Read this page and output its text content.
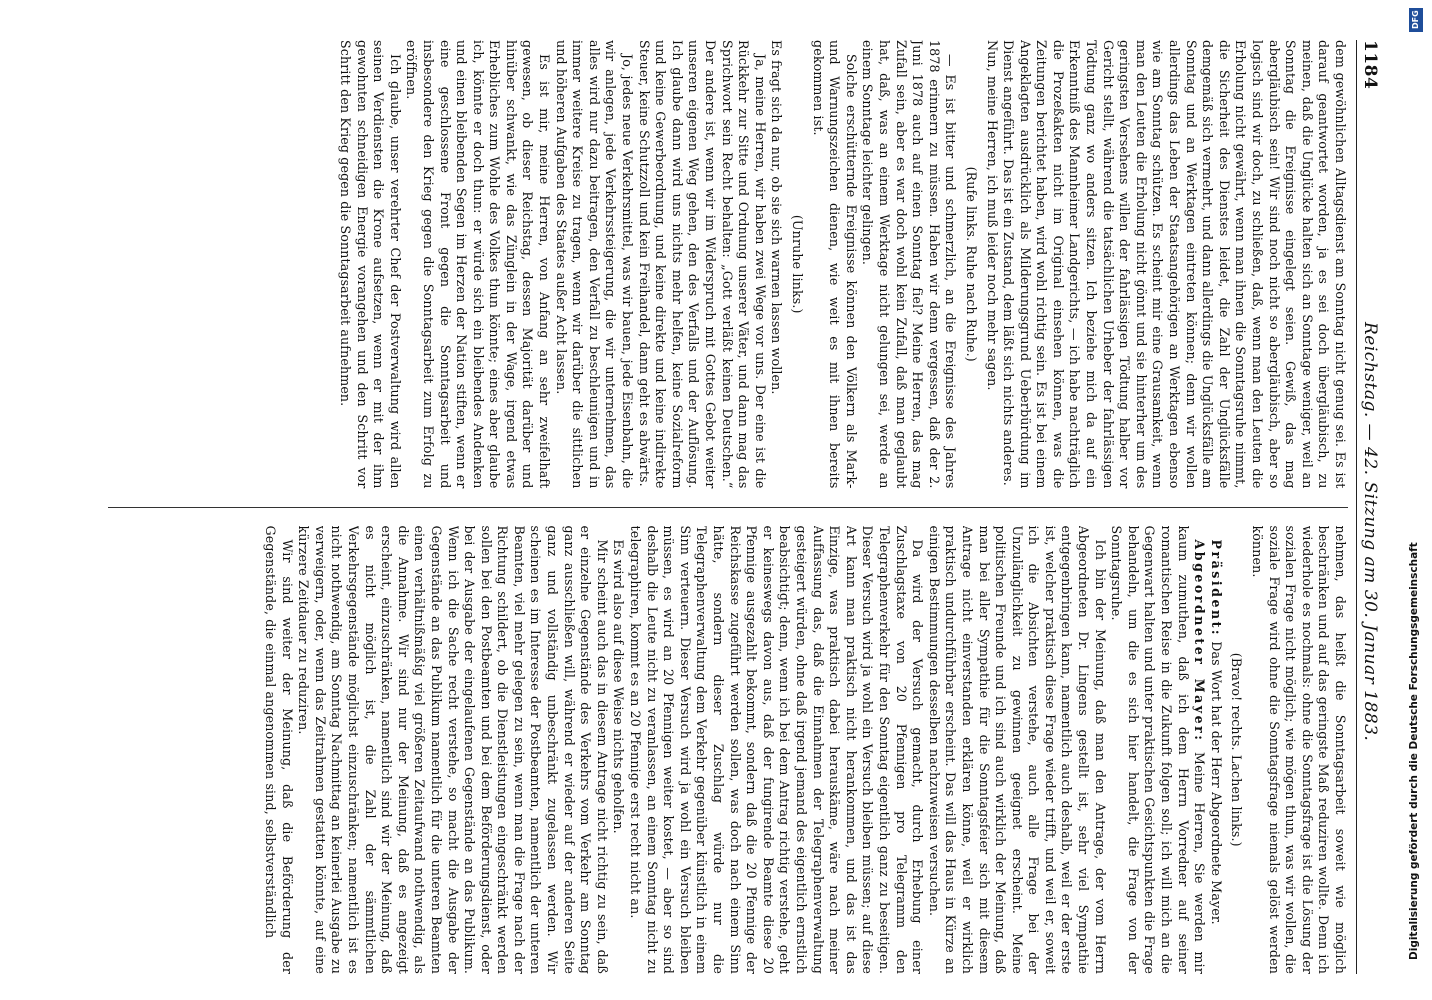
1184
Reichstag. — 42. Sitzung am 30. Januar 1883.

dem gewöhnlichen Alltagsdienst am Sonntag nicht genug sei. Es ist darauf geantwortet worden, ja es sei doch übergläubisch, zu meinen, daß die Unglücke halten sich an Sonntage weniger, weil an Sonntag die Ereignisse eingelegt seien. Gewiß, das mag abergläubisch sein! Wir sind noch nicht so abergläubisch, aber so logisch sind wir doch, zu schließen, daß, wenn man den Leuten die Erholung nicht gewährt, wenn man ihnen die Sonntagsruhe nimmt, die Sicherheit des Dienstes leidet, die Zahl der Unglücksfälle demgemäß sich vermehrt, und dann allerdings die Unglücksfälle am Sonntag und an Werktagen eintreten können; denn wir wollen allerdings das Leben der Staatsangehörigen an Werktagen ebenso wie am Sonntag schützen. Es scheint mir eine Grausamkeit, wenn man den Leuten die Erholung nicht gönnt und sie hinterher um des geringsten Versehens willen der fahrlässigen Tödtung halber vor Gericht stellt, während die tatsächlichen Urheber der fahrlässigen Tödtung ganz wo anders sitzen. Ich beziehe mich da auf ein Erkenntniß des Mannheimer Landgerichts, — ich habe nachträglich die Prozeßakten nicht im Original einsehen können, was die Zeitungen berichtet haben, wird wohl richtig sein. Es ist bei einem Angeklagten ausdrücklich als Milderungsgrund Ueberbürdung im Dienst angeführt. Das ist ein Zustand, dem läßt sich nichts anderes.

Nun, meine Herren, ich muß leider noch mehr sagen.

(Rufe links. Ruhe nach Ruhe.)

— Es ist bitter und schmerzlich, an die Ereignisse des Jahres 1878 erinnern zu müssen. Haben wir denn vergessen, daß der 2. Juni 1878 auch auf einen Sonntag fiel? Meine Herren, das mag Zufall sein, aber es war doch wohl kein Zufall, daß man geglaubt hat, daß, was an einem Werktage nicht gelungen sei, werde an einem Sonntage leichter gelingen.

Solche erschütternde Ereignisse können den Völkern als Mark- und Warnungszeichen dienen, wie weit es mit ihnen bereits gekommen ist.

(Unruhe links.)

Es fragt sich da nur, ob sie sich warnen lassen wollen.

Ja, meine Herren, wir haben zwei Wege vor uns. Der eine ist die Rückkehr zur Sitte und Ordnung unserer Väter, und dann mag das Sprichwort sein Recht behalten: „Gott verläßt keinen Deutschen.“ Der andere ist, wenn wir im Widerspruch mit Gottes Gebot weiter unseren eigenen Weg gehen, den des Verfalls und der Auflösung. Ich glaube dann wird uns nichts mehr helfen, keine Sozialreform und keine Gewerbeordnung, und keine direkte und keine indirekte Steuer, keine Schutzzoll und kein Freihandel, dann geht es abwärts.

Jo, jedes neue Verkehrsmittel, was wir bauen, jede Eisenbahn, die wir anlegen, jede Verkehrssteigerung, die wir unternehmen, das alles wird nur dazu beitragen, den Verfall zu beschleunigen und in immer weitere Kreise zu tragen, wenn wir darüber die sittlichen und höheren Aufgaben des Staates außer Acht lassen.

Es ist mir, meine Herren, von Anfang an sehr zweifelhaft gewesen, ob dieser Reichstag, dessen Majorität darüber und hinüber schwankt, wie das Zünglein in der Wage, irgend etwas Erhebliches zum Wohle des Volkes thun könnte; eines aber glaube ich, könnte er doch thun: er würde sich ein bleibendes Andenken und einen bleibenden Segen im Herzen der Nation stiften, wenn er eine geschlossene Front gegen die Sonntagsarbeit und insbesondere den Krieg gegen die Sonntagsarbeit zum Erfolg zu eröffnen.

Ich glaube, unser verehrter Chef der Postverwaltung wird allen seinen Verdiensten die Krone aufsetzen, wenn er mit der ihm gewohnten schneidigen Energie vorangehen und den Schritt vor Schritt den Krieg gegen die Sonntagsarbeit aufnehmen.

nehmen, das heißt die Sonntagsarbeit soweit wie möglich beschränken und auf das geringste Maß reduziren wollte. Denn ich wiederhole es nochmals: ohne die Sonntagsfrage ist die Lösung der sozialen Frage nicht möglich; wie mögen thun, was wir wollen, die soziale Frage wird ohne die Sonntagsfrage niemals gelöst werden können.

(Bravo! rechts. Lachen links.)

Präsident: Das Wort hat der Herr Abgeordnete Mayer.

Abgeordneter Mayer: Meine Herren, Sie werden mir kaum zumuthen, daß ich dem Herrn Vorredner auf seiner romantischen Reise in die Zukunft folgen soll; ich will mich an die Gegenwart halten und unter praktischen Gesichtspunkten die Frage behandeln, um die es sich hier handelt, die Frage von der Sonntagsruhe.

Ich bin der Meinung, daß man den Antrage, der vom Herrn Abgeordneten Dr. Lingens gestellt ist, sehr viel Sympathie entgegenbringen kann, namentlich auch deshalb, weil er der erste ist, welcher praktisch diese Frage wieder trifft, und weil er, soweit ich die Absichten verstehe, auch alle Frage bei der Unzulänglichkeit zu gewinnen geeignet erscheint. Meine politischen Freunde und ich sind auch wirklich der Meinung, daß man bei aller Sympathie für die Sonntagsfeier sich mit diesem Antrage nicht einverstanden erklären könne, weil er wirklich praktisch undurchführbar erscheint. Das will das Haus in Kürze an einigen Bestimmungen desselben nachzuweisen versuchen.

Da wird der Versuch gemacht, durch Erhebung einer Zuschlagstaxe von 20 Pfennigen pro Telegramm den Telegraphenverkehr für den Sonntag eigentlich ganz zu beseitigen. Dieser Versuch wird ja wohl ein Versuch bleiben müssen; auf diese Art kann man praktisch nicht herankommen, und das ist das Einzige, was praktisch dabei herauskäme, wäre nach meiner Auffassung das, daß die Einnahmen der Telegraphenverwaltung gesteigert würden, ohne daß irgend jemand des eigentlich ernstlich beabsichtigt; denn, wenn ich bei dem Antrag richtig verstehe, geht er keineswegs davon aus, daß der fungirende Beamte diese 20 Pfennige ausgezahlt bekommt, sondern daß die 20 Pfennige der Reichskasse zugeführt werden sollen, was doch nach einem Sinn hätte, sondern dieser Zuschlag würde nur die Telegraphenverwaltung dem Verkehr gegenüber künstlich in einem Sinn verteuern. Dieser Versuch wird ja wohl ein Versuch bleiben müssen, es wird an 20 Pfennigen weiter kostet, — aber so sind deshalb die Leute nicht zu veranlassen, an einem Sonntag nicht zu telegraphiren, kommt es an 20 Pfennige erst recht nicht an.

Es wird also auf diese Weise nichts geholfen.

Mir scheint auch das in diesem Antrage nicht richtig zu sein, daß er einzelne Gegenstände des Verkehrs vom Verkehr am Sonntag ganz ausschließen will, während er wieder auf der anderen Seite ganz und vollständig unbeschränkt zugelassen werden. Wir scheinen es im Interesse der Postbeamten, namentlich der unteren Beamten, viel mehr gelegen zu sein, wenn man die Frage nach der Richtung schildert, ob die Dienstleistungen eingeschränkt werden sollen bei den Postbeamten und bei dem Beförderungsdienst, oder bei der Ausgabe der eingelaufenen Gegenstände an das Publikum. Wenn ich die Sache recht verstehe, so macht die Ausgabe der Gegenstände an das Publikum namentlich für die unteren Beamten einen verhältnißmäßig viel größeren Zeitaufwand nothwendig, als die Annahme. Wir sind nur der Meinung, daß es angezeigt erscheint, einzuschränken, namentlich sind wir der Meinung, daß es nicht möglich ist, die Zahl der sämmtlichen Verkehrsgegenstände möglichst einzuschränken; namentlich ist es nicht nothwendig, am Sonntag Nachmittag an keinerlei Ausgabe zu verweigern, oder, wenn das Zeitrahmen gestatten könnte, auf eine kürzere Zeitdauer zu reduziren.

Wir sind weiter der Meinung, daß die Beförderung der Gegenstände, die einmal angenommen sind, selbstverständlich

DFG
Digitalisierung gefördert durch die Deutsche Forschungsgemeinschaft
